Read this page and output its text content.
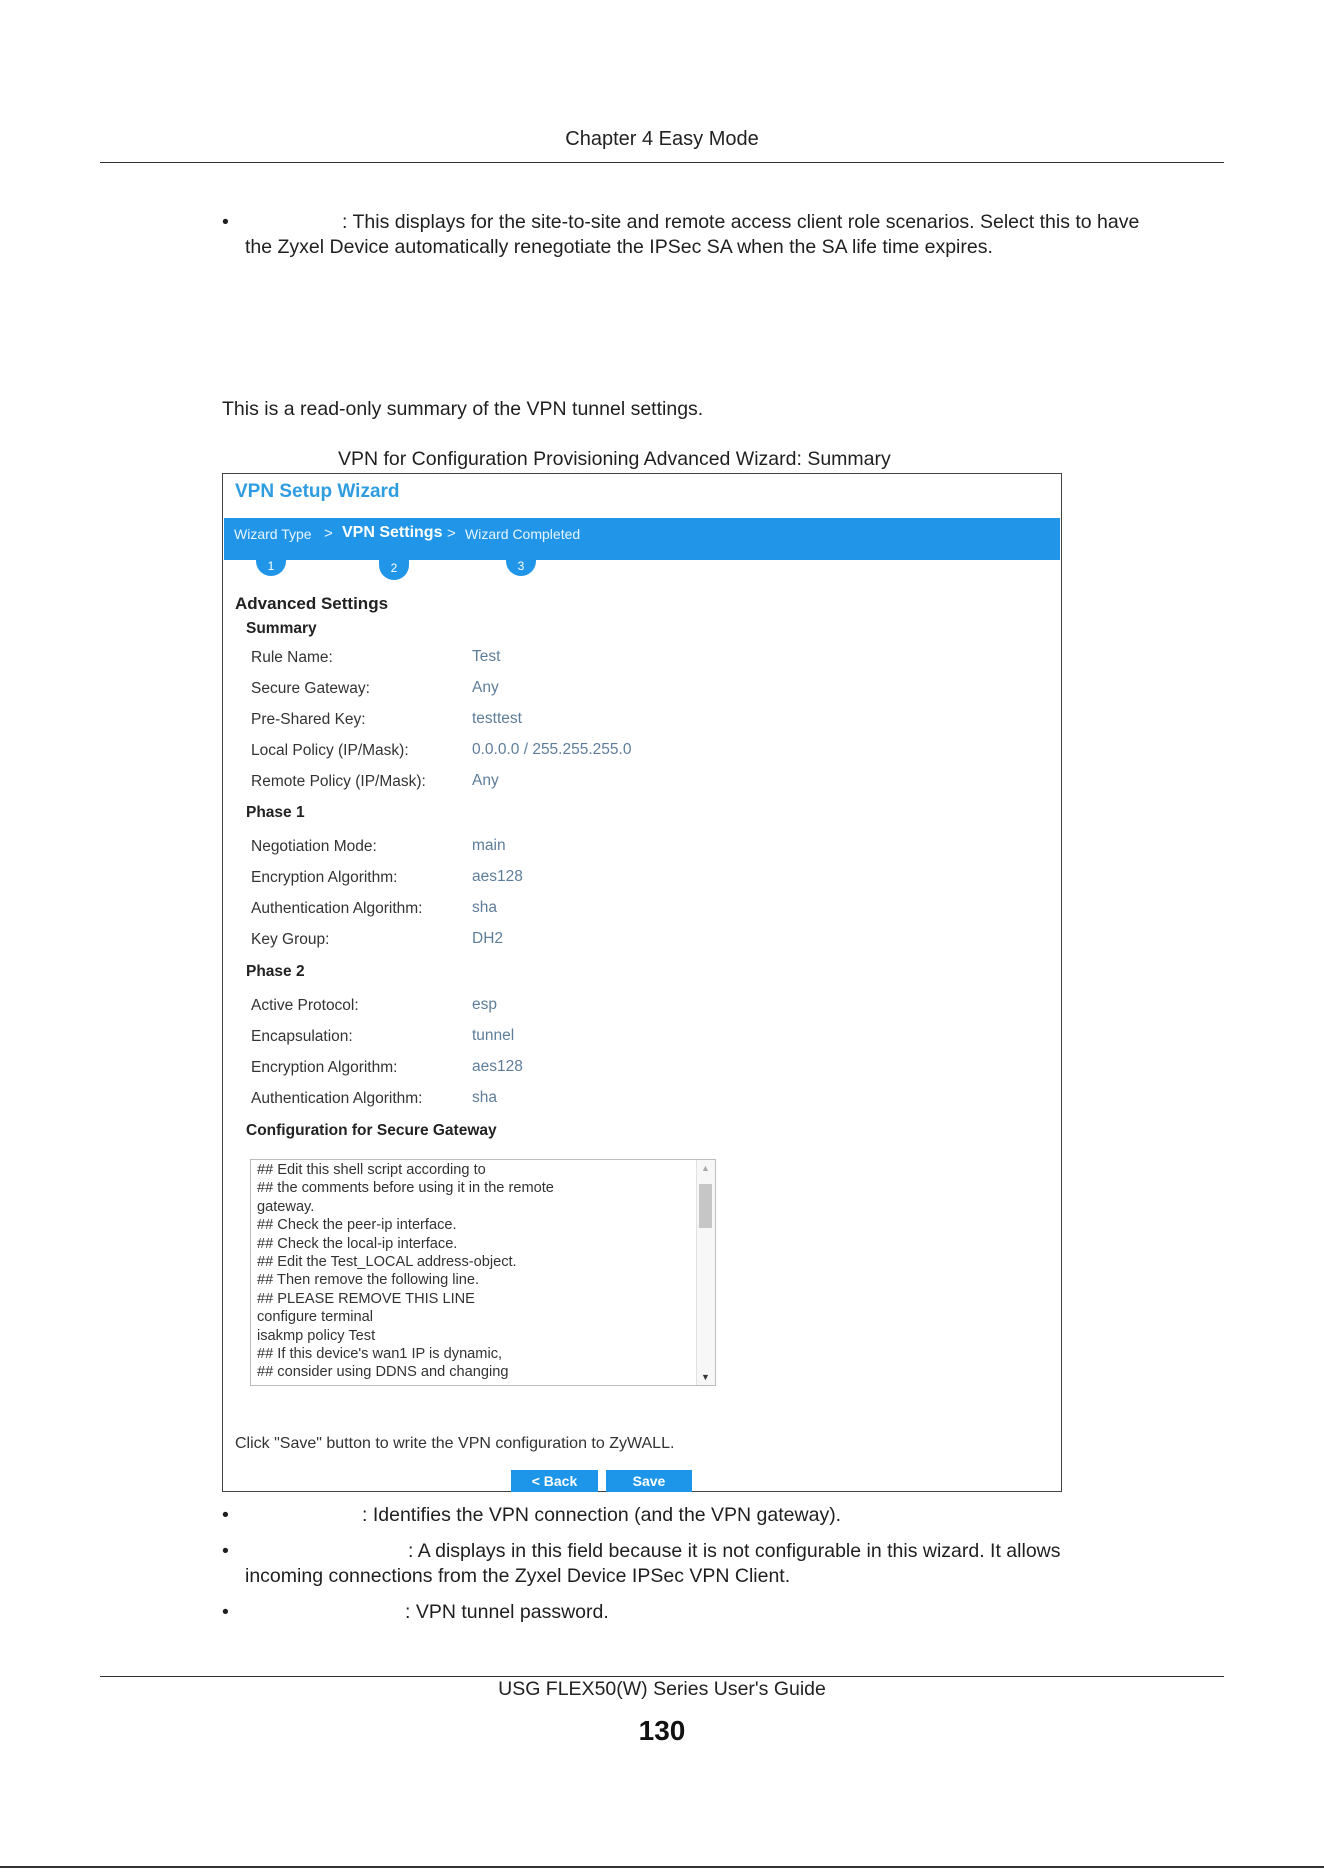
Chapter 4 Easy Mode
•	: This displays for the site-to-site and remote access client role scenarios. Select this to have
the Zyxel Device automatically renegotiate the IPSec SA when the SA life time expires.
This is a read-only summary of the VPN tunnel settings.
VPN for Configuration Provisioning Advanced Wizard: Summary
VPN Setup Wizard
Wizard Type > VPN Settings > Wizard Completed
1	2	3
Advanced Settings
Summary
Rule Name:	Test
Secure Gateway:	Any
Pre-Shared Key:	testtest
Local Policy (IP/Mask):	0.0.0.0 / 255.255.255.0
Remote Policy (IP/Mask):	Any
Phase 1
Negotiation Mode:	main
Encryption Algorithm:	aes128
Authentication Algorithm:	sha
Key Group:	DH2
Phase 2
Active Protocol:	esp
Encapsulation:	tunnel
Encryption Algorithm:	aes128
Authentication Algorithm:	sha
Configuration for Secure Gateway
## Edit this shell script according to
## the comments before using it in the remote
gateway.
## Check the peer-ip interface.
## Check the local-ip interface.
## Edit the Test_LOCAL address-object.
## Then remove the following line.
## PLEASE REMOVE THIS LINE
configure terminal
isakmp policy Test
## If this device's wan1 IP is dynamic,
## consider using DDNS and changing
▲
▼
Click "Save" button to write the VPN configuration to ZyWALL.
< Back	Save
•	: Identifies the VPN connection (and the VPN gateway).
•	: A displays in this field because it is not configurable in this wizard. It allows
incoming connections from the Zyxel Device IPSec VPN Client.
•	: VPN tunnel password.
USG FLEX50(W) Series User's Guide
130
